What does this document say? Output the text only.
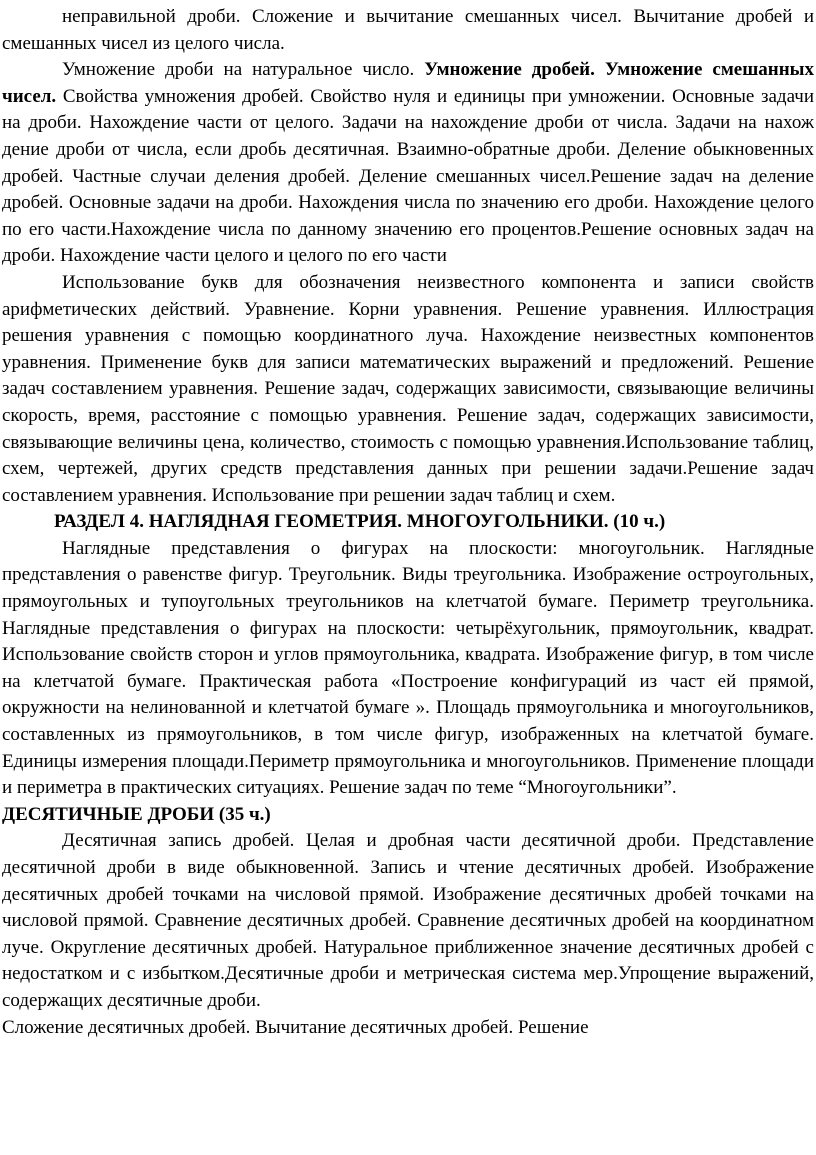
неправильной дроби. Сложение и вычитание смешанных чисел. Вычитание дробей и смешанных чисел из целого числа.

Умножение дроби на натуральное число. Умножение дробей. Умножение смешанных чисел. Свойства умножения дробей. Свойство нуля и единицы при умножении. Основные задачи на дроби. Нахождение части от целого. Задачи на нахождение дроби от числа. Задачи на нахож дение дроби от числа, если дробь десятичная. Взаимно-обратные дроби. Деление обыкновенных дробей. Частные случаи деления дробей. Деление смешанных чисел.Решение задач на деление дробей. Основные задачи на дроби. Нахождения числа по значению его дроби. Нахождение целого по его части.Нахождение числа по данному значению его процентов.Решение основных задач на дроби. Нахождение части целого и целого по его части

Использование букв для обозначения неизвестного компонента и записи свойств арифметических действий. Уравнение. Корни уравнения. Решение уравнения. Иллюстрация решения уравнения с помощью координатного луча. Нахождение неизвестных компонентов уравнения. Применение букв для записи математических выражений и предложений. Решение задач составлением уравнения. Решение задач, содержащих зависимости, связывающие величины скорость, время, расстояние с помощью уравнения. Решение задач, содержащих зависимости, связывающие величины цена, количество, стоимость с помощью уравнения.Использование таблиц, схем, чертежей, других средств представления данных при решении задачи.Решение задач составлением уравнения. Использование при решении задач таблиц и схем.

РАЗДЕЛ 4. НАГЛЯДНАЯ ГЕОМЕТРИЯ. МНОГОУГОЛЬНИКИ. (10 ч.)

Наглядные представления о фигурах на плоскости: многоугольник. Наглядные представления о равенстве фигур. Треугольник. Виды треугольника. Изображение остроугольных, прямоугольных и тупоугольных треугольников на клетчатой бумаге. Периметр треугольника. Наглядные представления о фигурах на плоскости: четырёхугольник, прямоугольник, квадрат. Использование свойств сторон и углов прямоугольника, квадрата. Изображение фигур, в том числе на клетчатой бумаге. Практическая работа «Построение конфигураций из част ей прямой, окружности на нелинованной и клетчатой бумаге ». Площадь прямоугольника и многоугольников, составленных из прямоугольников, в том числе фигур, изображенных на клетчатой бумаге. Единицы измерения площади.Периметр прямоугольника и многоугольников. Применение площади и периметра в практических ситуациях. Решение задач по теме “Многоугольники”.

ДЕСЯТИЧНЫЕ ДРОБИ (35 ч.)

Десятичная запись дробей. Целая и дробная части десятичной дроби. Представление десятичной дроби в виде обыкновенной. Запись и чтение десятичных дробей. Изображение десятичных дробей точками на числовой прямой. Изображение десятичных дробей точками на числовой прямой. Сравнение десятичных дробей. Сравнение десятичных дробей на координатном луче. Округление десятичных дробей. Натуральное приближенное значение десятичных дробей с недостатком и с избытком.Десятичные дроби и метрическая система мер.Упрощение выражений, содержащих десятичные дроби.

Сложение десятичных дробей. Вычитание десятичных дробей. Решение
